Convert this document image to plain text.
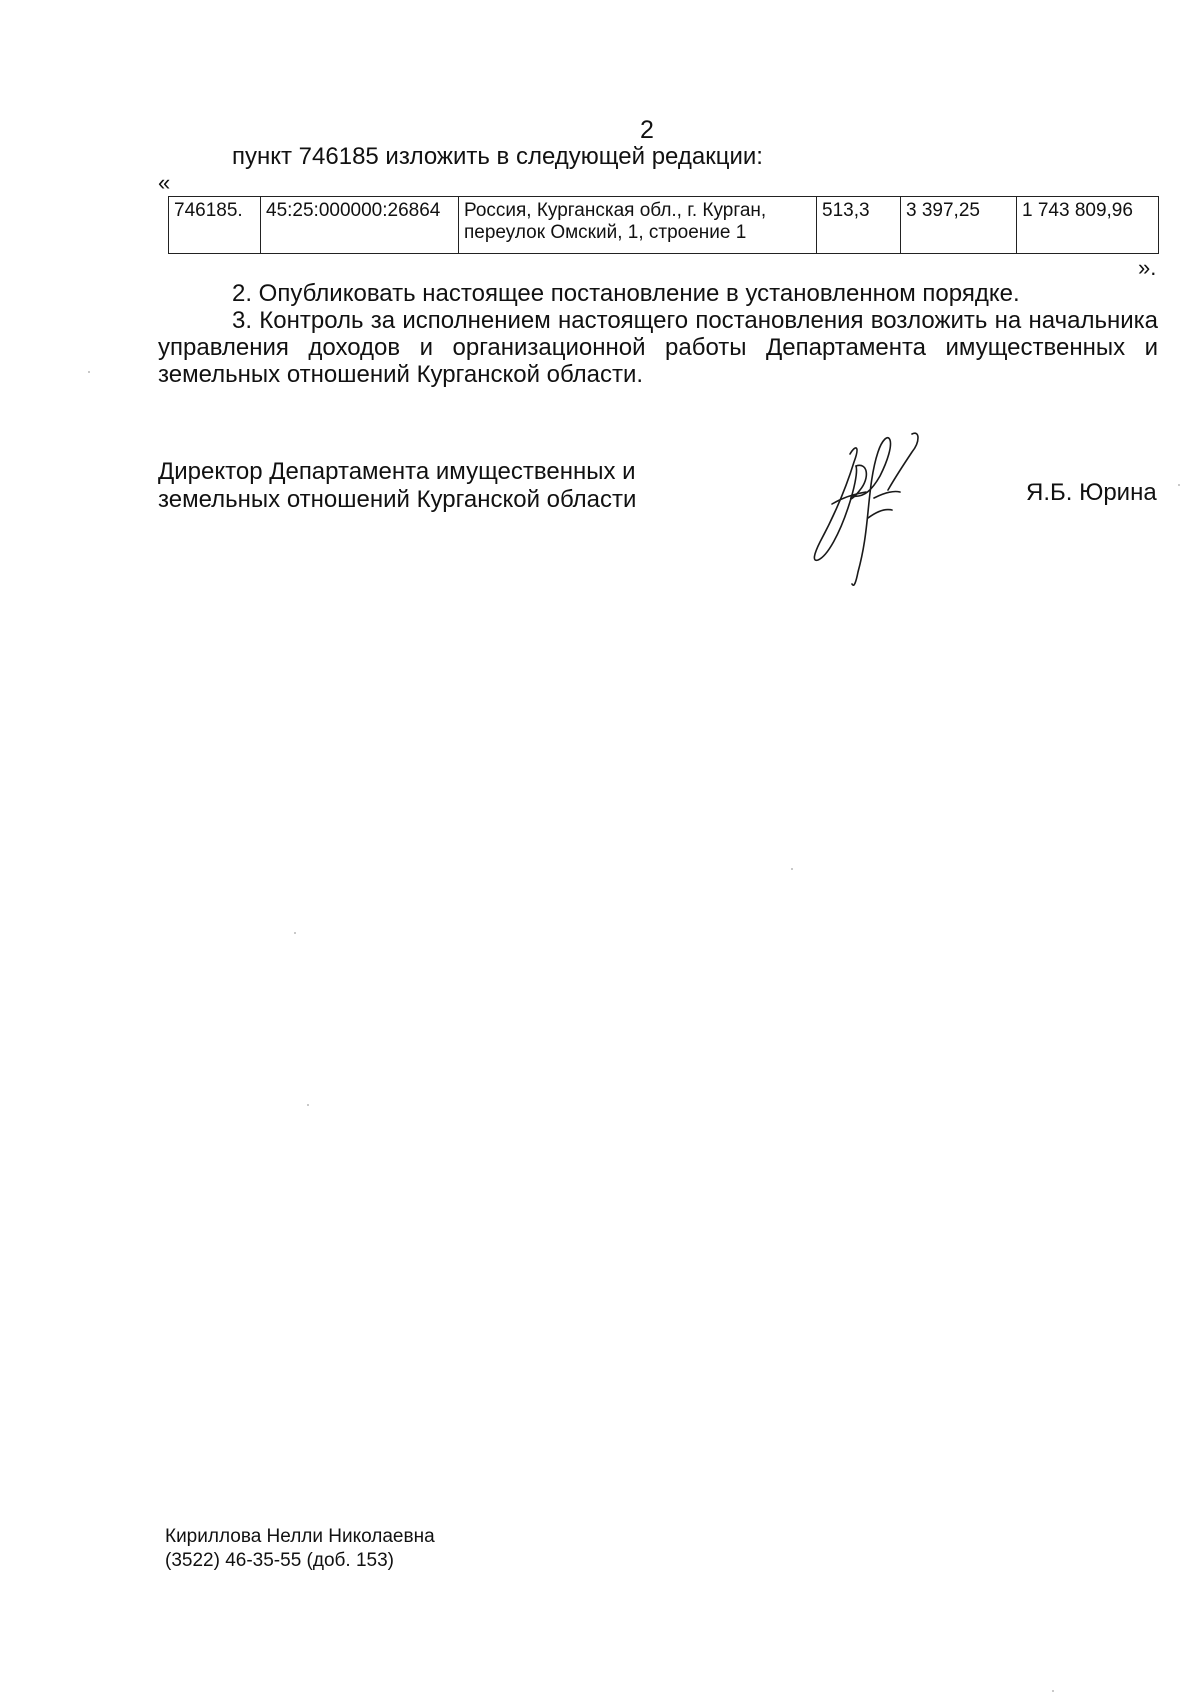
2
пункт 746185 изложить в следующей редакции:
«
746185.	45:25:000000:26864	Россия, Курганская обл., г. Курган, переулок Омский, 1, строение 1	513,3	3 397,25	1 743 809,96
».
2. Опубликовать настоящее постановление в установленном порядке.
3. Контроль за исполнением настоящего постановления возложить на начальника управления доходов и организационной работы Департамента имущественных и земельных отношений Курганской области.
Директор Департамента имущественных и
земельных отношений Курганской области	Я.Б. Юрина
Кириллова Нелли Николаевна
(3522) 46-35-55 (доб. 153)
